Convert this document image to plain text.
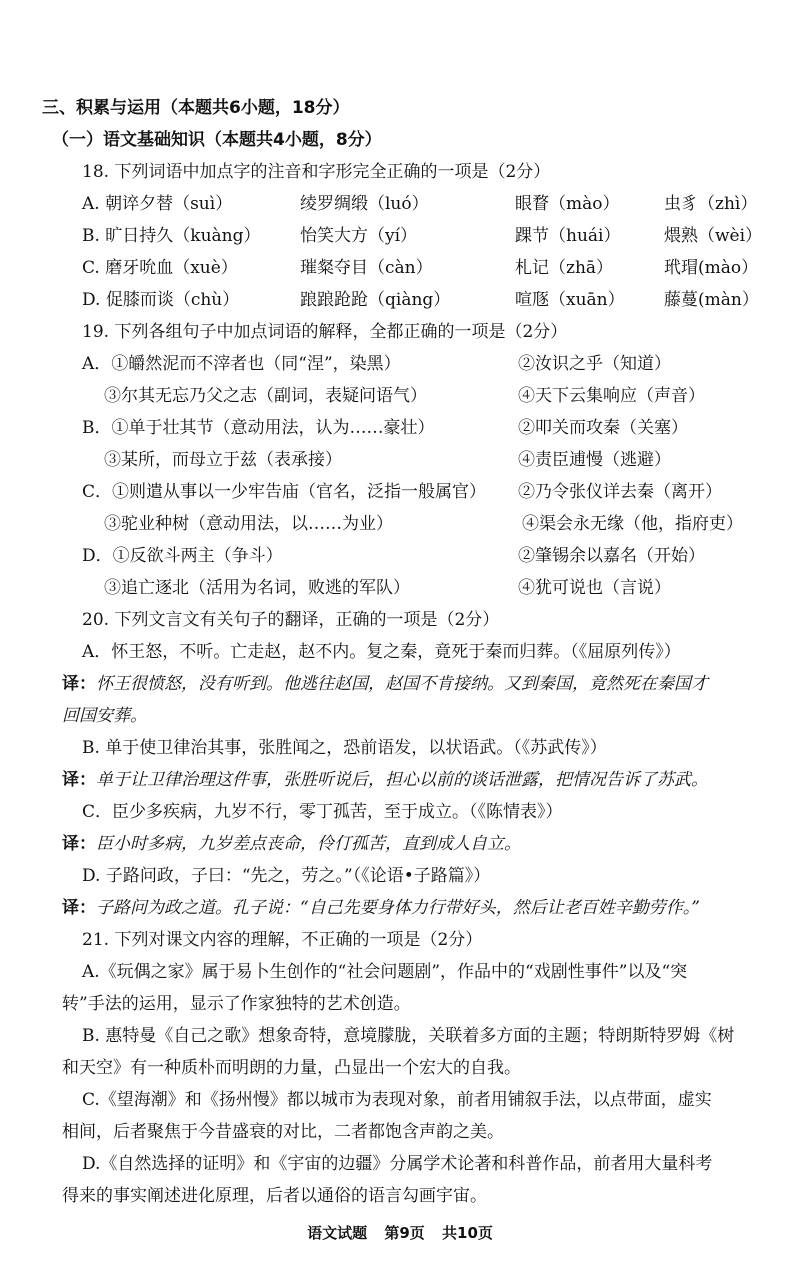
三、积累与运用（本题共6小题，18分）
（一）语文基础知识（本题共4小题，8分）
18. 下列词语中加点字的注音和字形完全正确的一项是（2分）
A. 朝谇夕替（suì）	绫罗绸缎（luó）	眼瞀（mào）	虫豸（zhì）
B. 旷日持久（kuàng） 怡笑大方（yí）	踝节（huái）	煨熟（wèi）
C. 磨牙吮血（xuè）	璀粲夺目（càn）	札记（zhā）	玳瑁(mào）
D. 促膝而谈（chù）	踉踉跄跄（qiàng）	喧豗（xuān） 藤蔓(màn）
19. 下列各组句子中加点词语的解释，全都正确的一项是（2分）
A．①皭然泥而不滓者也（同“涅”，染黑）	②汝识之乎（知道）
③尔其无忘乃父之志（副词，表疑问语气）	④天下云集响应（声音）
B．①单于壮其节（意动用法，认为……豪壮）	②叩关而攻秦（关塞）
③某所，而母立于兹（表承接）	④责臣逋慢（逃避）
C．①则遣从事以一少牢告庙（官名，泛指一般属官） ②乃令张仪详去秦（离开）
③驼业种树（意动用法，以……为业）	④渠会永无缘（他，指府吏）
D．①反欲斗两主（争斗）	②肇锡余以嘉名（开始）
③追亡逐北（活用为名词，败逃的军队）	④犹可说也（言说）
20. 下列文言文有关句子的翻译，正确的一项是（2分）
A．怀王怒，不听。亡走赵，赵不内。复之秦，竟死于秦而归葬。（《屈原列传》）
译：怀王很愤怒，没有听到。他逃往赵国，赵国不肯接纳。又到秦国，竟然死在秦国才
回国安葬。
B. 单于使卫律治其事，张胜闻之，恐前语发，以状语武。（《苏武传》）
译：单于让卫律治理这件事，张胜听说后，担心以前的谈话泄露，把情况告诉了苏武。
C．臣少多疾病，九岁不行，零丁孤苦，至于成立。（《陈情表》）
译：臣小时多病，九岁差点丧命，伶仃孤苦，直到成人自立。
D. 子路问政，子曰：“先之，劳之。”（《论语•子路篇》）
译：子路问为政之道。孔子说：“自己先要身体力行带好头，然后让老百姓辛勤劳作。”
21. 下列对课文内容的理解，不正确的一项是（2分）
A.《玩偶之家》属于易卜生创作的“社会问题剧”，作品中的“戏剧性事件”以及“突
转”手法的运用，显示了作家独特的艺术创造。
B. 惠特曼《自己之歌》想象奇特，意境朦胧，关联着多方面的主题；特朗斯特罗姆《树
和天空》有一种质朴而明朗的力量，凸显出一个宏大的自我。
C.《望海潮》和《扬州慢》都以城市为表现对象，前者用铺叙手法，以点带面，虚实
相间，后者聚焦于今昔盛衰的对比，二者都饱含声韵之美。
D.《自然选择的证明》和《宇宙的边疆》分属学术论著和科普作品，前者用大量科考
得来的事实阐述进化原理，后者以通俗的语言勾画宇宙。
语文试题 第9页 共10页
